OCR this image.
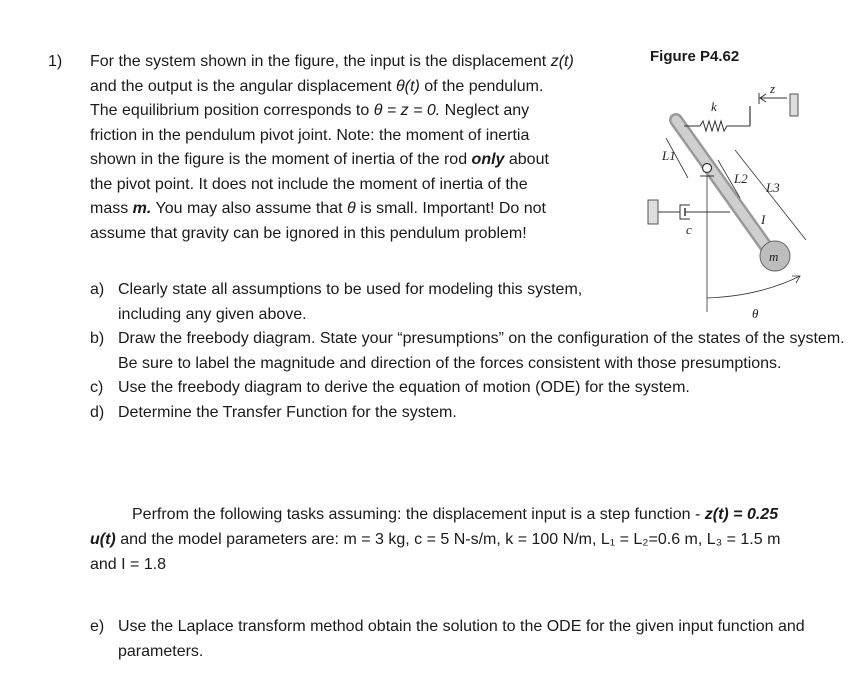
1) For the system shown in the figure, the input is the displacement z(t)
and the output is the angular displacement θ(t) of the pendulum.
The equilibrium position corresponds to θ = z = 0. Neglect any
friction in the pendulum pivot joint. Note: the moment of inertia
shown in the figure is the moment of inertia of the rod only about
the pivot point. It does not include the moment of inertia of the
mass m. You may also assume that θ is small. Important! Do not
assume that gravity can be ignored in this pendulum problem!
Figure P4.62
m
k
z
c
L1
L2
L3
I
θ
a) Clearly state all assumptions to be used for modeling this system, including any given above.
b) Draw the freebody diagram. State your “presumptions” on the configuration of the states of the system. Be sure to label the magnitude and direction of the forces consistent with those presumptions.
c) Use the freebody diagram to derive the equation of motion (ODE) for the system.
d) Determine the Transfer Function for the system.
Perfrom the following tasks assuming: the displacement input is a step function - z(t) = 0.25
u(t) and the model parameters are: m = 3 kg, c = 5 N-s/m, k = 100 N/m, L₁ = L₂=0.6 m, L₃ = 1.5 m
and I = 1.8
e) Use the Laplace transform method obtain the solution to the ODE for the given input function and parameters.
